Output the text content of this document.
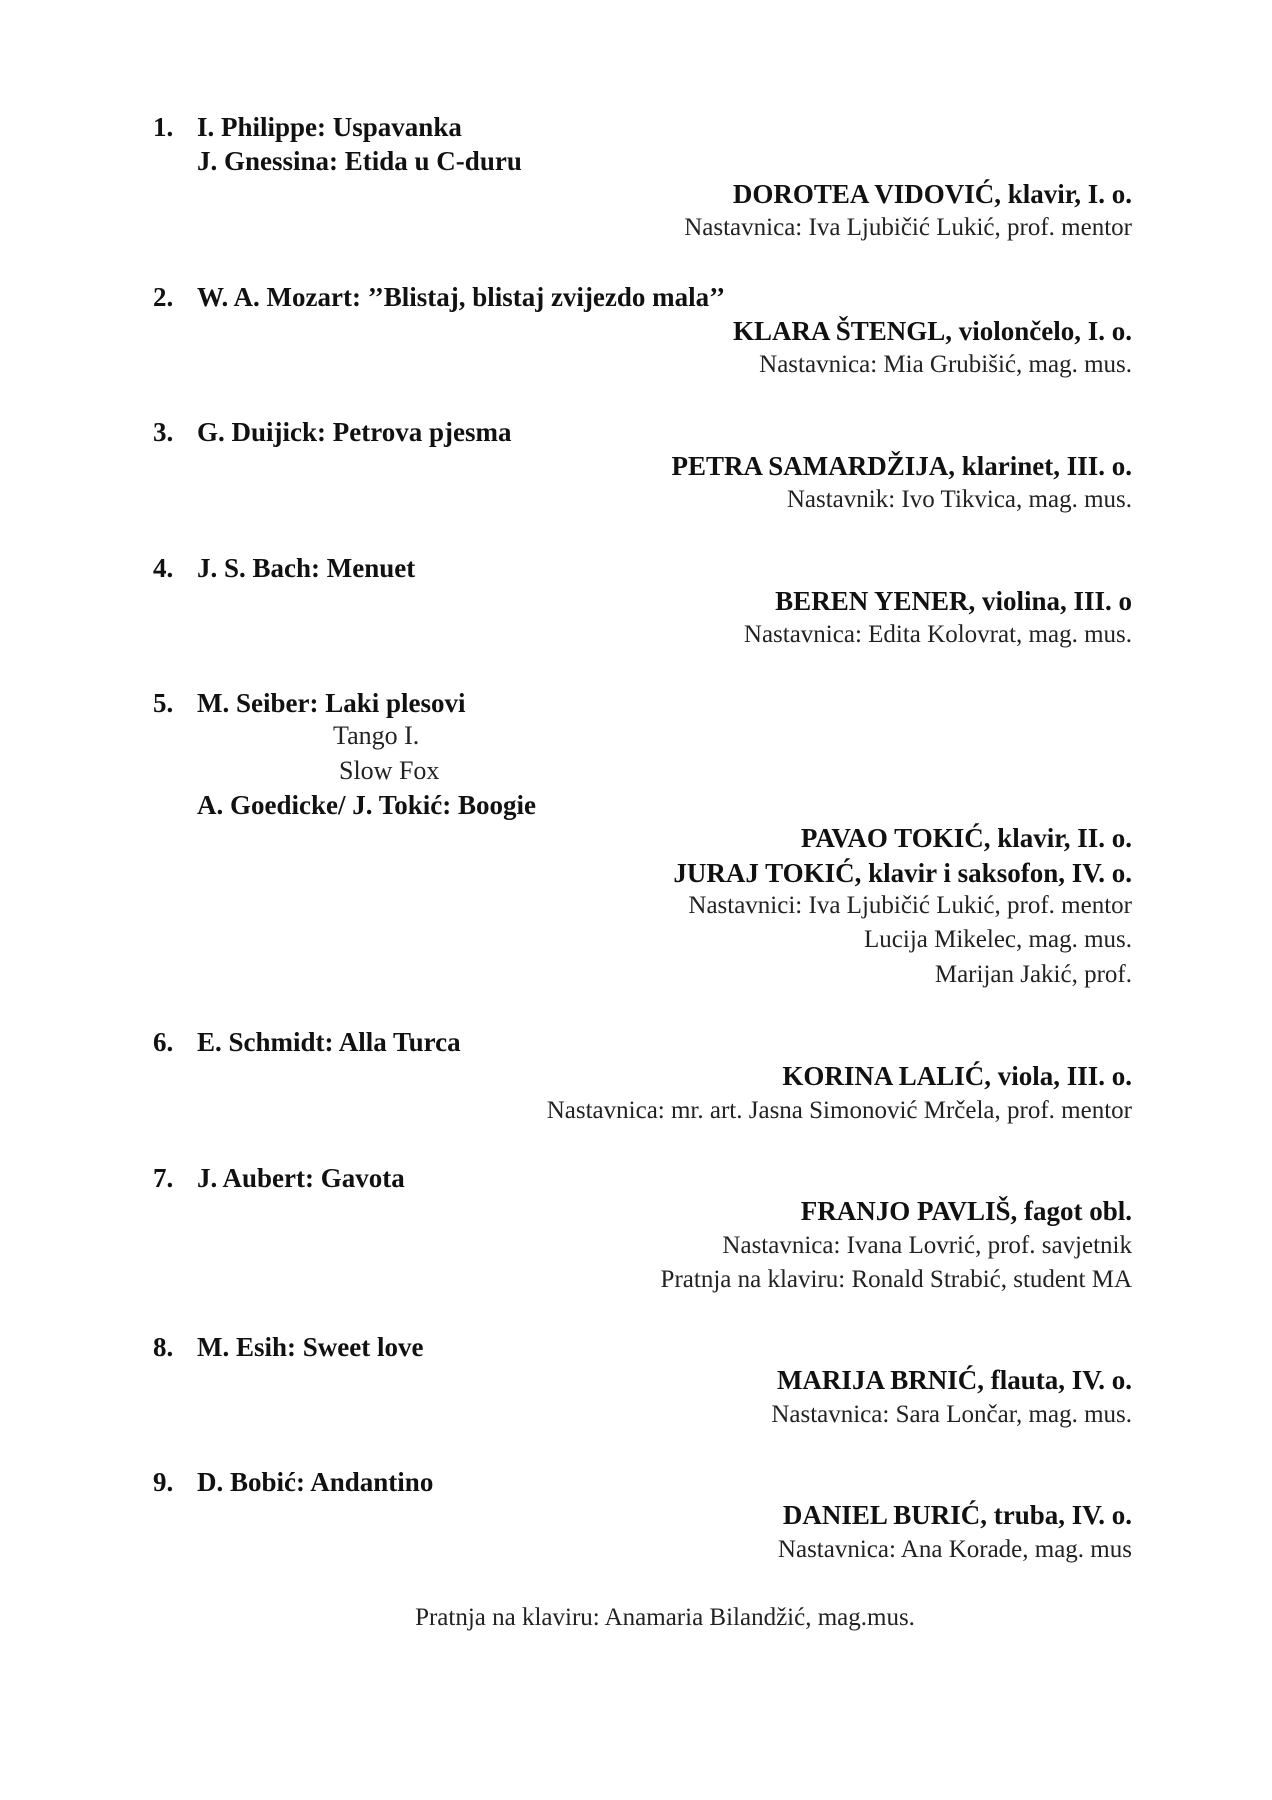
1. I. Philippe: Uspavanka
J. Gnessina: Etida u C-duru
DOROTEA VIDOVIĆ, klavir, I. o.
Nastavnica: Iva Ljubičić Lukić, prof. mentor
2. W. A. Mozart: ’’Blistaj, blistaj zvijezdo mala’’
KLARA ŠTENGL, violončelo, I. o.
Nastavnica: Mia Grubišić, mag. mus.
3. G. Duijick: Petrova pjesma
PETRA SAMARDŽIJA, klarinet, III. o.
Nastavnik: Ivo Tikvica, mag. mus.
4. J. S. Bach: Menuet
BEREN YENER, violina, III. o
Nastavnica: Edita Kolovrat, mag. mus.
5. M. Seiber: Laki plesovi
Tango I.
Slow Fox
A. Goedicke/ J. Tokić: Boogie
PAVAO TOKIĆ, klavir, II. o.
JURAJ TOKIĆ, klavir i saksofon, IV. o.
Nastavnici: Iva Ljubičić Lukić, prof. mentor
Lucija Mikelec, mag. mus.
Marijan Jakić, prof.
6. E. Schmidt: Alla Turca
KORINA LALIĆ, viola, III. o.
Nastavnica: mr. art. Jasna Simonović Mrčela, prof. mentor
7. J. Aubert: Gavota
FRANJO PAVLIŠ, fagot obl.
Nastavnica: Ivana Lovrić, prof. savjetnik
Pratnja na klaviru: Ronald Strabić, student MA
8. M. Esih: Sweet love
MARIJA BRNIĆ, flauta, IV. o.
Nastavnica: Sara Lončar, mag. mus.
9. D. Bobić: Andantino
DANIEL BURIĆ, truba, IV. o.
Nastavnica: Ana Korade, mag. mus
Pratnja na klaviru: Anamaria Bilandžić, mag.mus.
